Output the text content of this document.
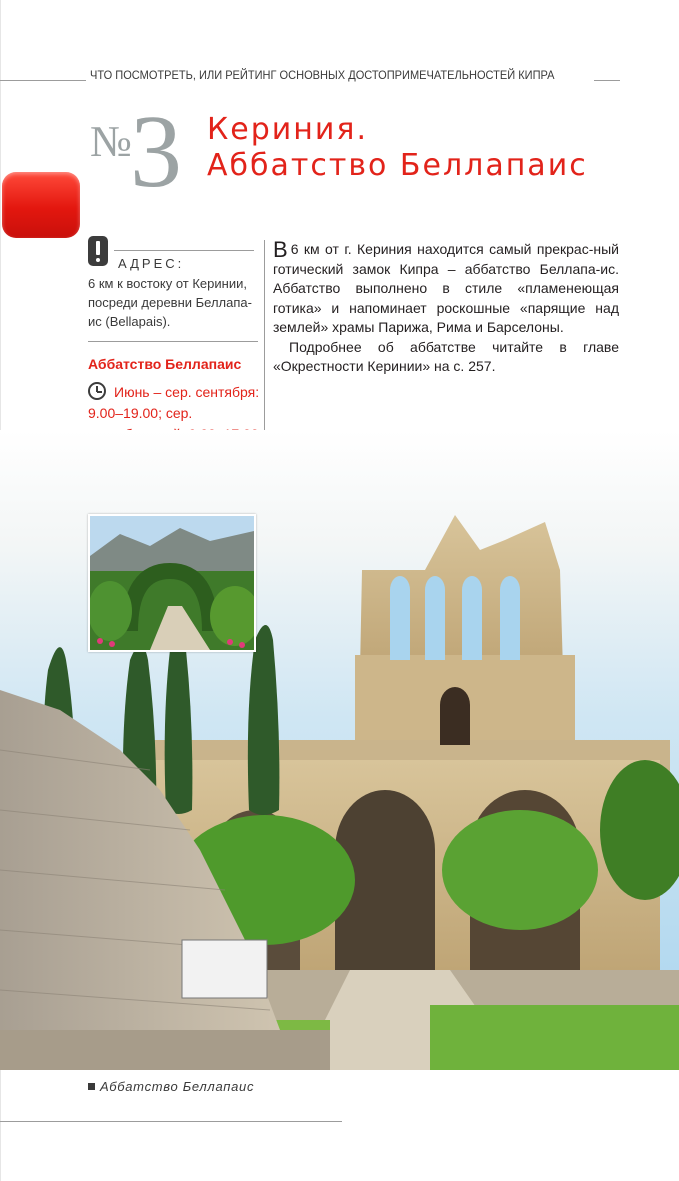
ЧТО ПОСМОТРЕТЬ, ИЛИ РЕЙТИНГ ОСНОВНЫХ ДОСТОПРИМЕЧАТЕЛЬНОСТЕЙ КИПРА
№
3 Кериния.
Аббатство Беллапаис
АДРЕС:
6 км к востоку от Керинии, посреди деревни Беллапа-ис (Bellapais).
Аббатство Беллапаис
Июнь – сер. сентября: 9.00–19.00; сер.

В 6 км от г. Кериния находится самый прекрас-ный готический замок Кипра – аббатство Беллапа-ис. Аббатство выполнено в стиле «пламенеющая готика» и напоминает роскошные «парящие над землей» храмы Парижа, Рима и Барселоны.

Подробнее об аббатстве читайте в главе «Окрестности Керинии» на с. 257.

Аббатство Беллапаис
